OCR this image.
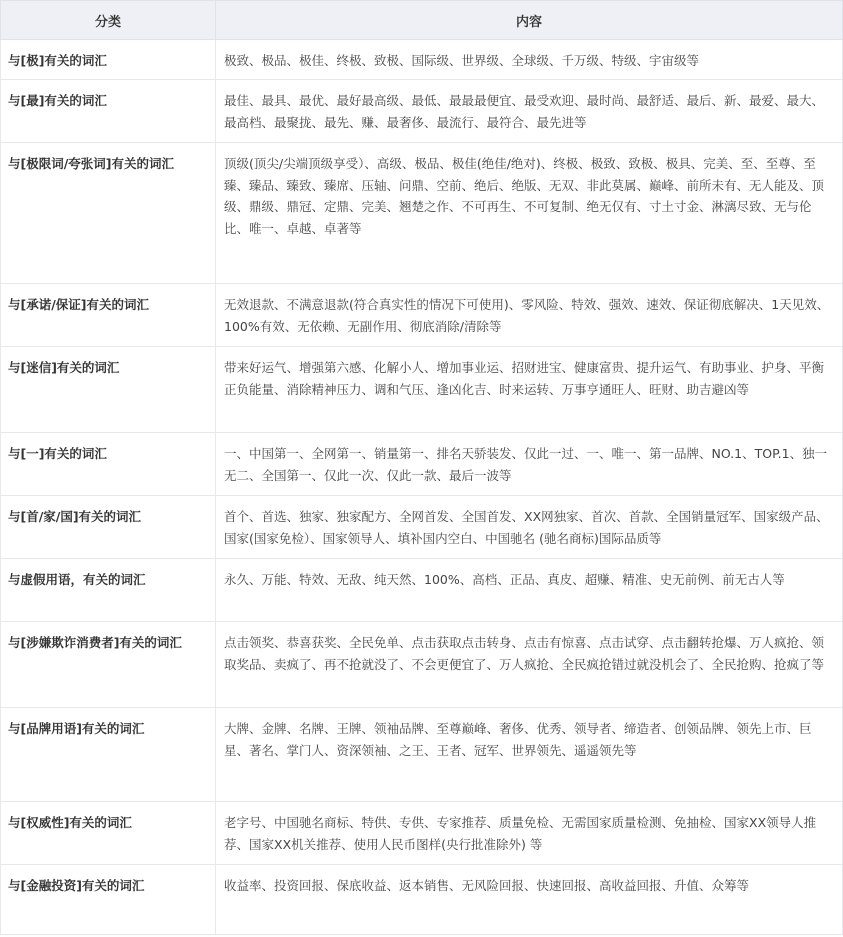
分类	内容
与[极]有关的词汇	极致、极品、极佳、终极、致极、国际级、世界级、全球级、千万级、特级、宇宙级等
与[最]有关的词汇	最佳、最具、最优、最好最高级、最低、最最最便宜、最受欢迎、最时尚、最舒适、最后、新、最爱、最大、最高档、最聚拢、最先、赚、最奢侈、最流行、最符合、最先进等
与[极限词/夸张词]有关的词汇	顶级(顶尖/尖端顶级享受）、高级、极品、极佳(绝佳/绝对)、终极、极致、致极、极具、完美、至、至尊、至臻、臻品、臻致、臻席、压轴、问鼎、空前、绝后、绝版、无双、非此莫属、巅峰、前所未有、无人能及、顶级、鼎级、鼎冠、定鼎、完美、翘楚之作、不可再生、不可复制、绝无仅有、寸土寸金、淋漓尽致、无与伦比、唯一、卓越、卓著等
与[承诺/保证]有关的词汇	无效退款、不满意退款(符合真实性的情况下可使用)、零风险、特效、强效、速效、保证彻底解决、1天见效、100%有效、无依赖、无副作用、彻底消除/清除等
与[迷信]有关的词汇	带来好运气、增强第六感、化解小人、增加事业运、招财进宝、健康富贵、提升运气、有助事业、护身、平衡正负能量、消除精神压力、调和气压、逢凶化吉、时来运转、万事亨通旺人、旺财、助吉避凶等
与[一]有关的词汇	一、中国第一、全网第一、销量第一、排名天骄装发、仅此一过、一、唯一、第一品牌、NO.1、TOP.1、独一无二、全国第一、仅此一次、仅此一款、最后一波等
与[首/家/国]有关的词汇	首个、首选、独家、独家配方、全网首发、全国首发、XX网独家、首次、首款、全国销量冠军、国家级产品、国家(国家免检）、国家领导人、填补国内空白、中国驰名 (驰名商标)国际品质等
与虚假用语，有关的词汇	永久、万能、特效、无敌、纯天然、100%、高档、正品、真皮、超赚、精准、史无前例、前无古人等
与[涉嫌欺诈消费者]有关的词汇	点击领奖、恭喜获奖、全民免单、点击获取点击转身、点击有惊喜、点击试穿、点击翻转抢爆、万人疯抢、领取奖品、卖疯了、再不抢就没了、不会更便宜了、万人疯抢、全民疯抢错过就没机会了、全民抢购、抢疯了等
与[品牌用语]有关的词汇	大牌、金牌、名牌、王牌、领袖品牌、至尊巅峰、奢侈、优秀、领导者、缔造者、创领品牌、领先上市、巨星、著名、掌门人、资深领袖、之王、王者、冠军、世界领先、遥遥领先等
与[权威性]有关的词汇	老字号、中国驰名商标、特供、专供、专家推荐、质量免检、无需国家质量检测、免抽检、国家XX领导人推荐、国家XX机关推荐、使用人民币图样(央行批准除外) 等
与[金融投资]有关的词汇	收益率、投资回报、保底收益、返本销售、无风险回报、快速回报、高收益回报、升值、众筹等
